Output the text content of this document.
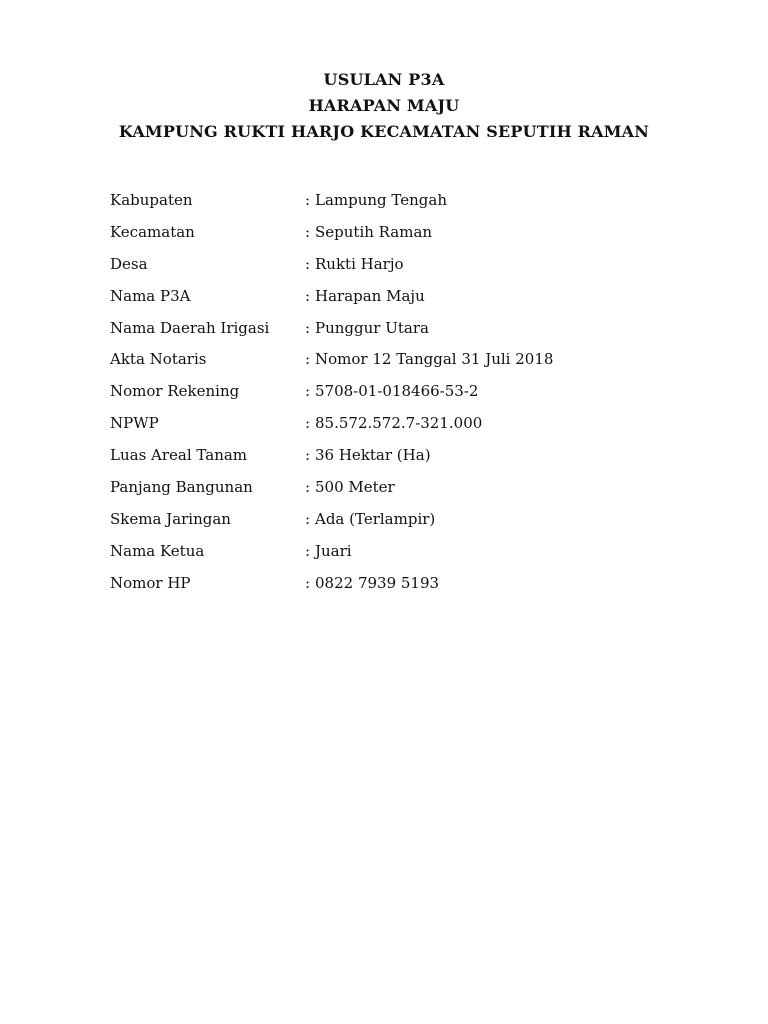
USULAN P3A

HARAPAN MAJU

KAMPUNG RUKTI HARJO KECAMATAN SEPUTIH RAMAN

Kabupaten	: Lampung Tengah
Kecamatan	: Seputih Raman
Desa	: Rukti Harjo
Nama P3A	: Harapan Maju
Nama Daerah Irigasi	: Punggur Utara
Akta Notaris	: Nomor 12 Tanggal 31 Juli 2018
Nomor Rekening	: 5708-01-018466-53-2
NPWP	: 85.572.572.7-321.000
Luas Areal Tanam	: 36 Hektar (Ha)
Panjang Bangunan	: 500 Meter
Skema Jaringan	: Ada (Terlampir)
Nama Ketua	: Juari
Nomor HP	: 0822 7939 5193
